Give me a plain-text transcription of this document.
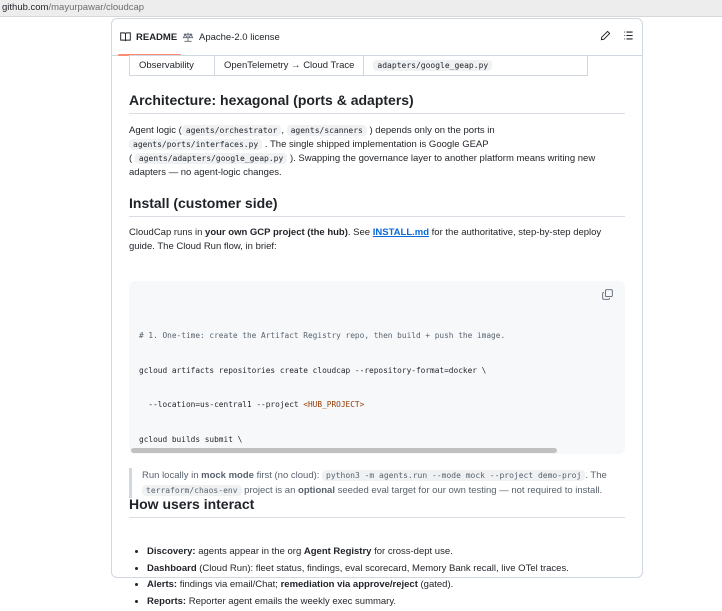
github.com/mayurpawar/cloudcap
README Apache-2.0 license
Observability	OpenTelemetry → Cloud Trace	adapters/google_geap.py
Architecture: hexagonal (ports & adapters)

Agent logic ( agents/orchestrator , agents/scanners ) depends only on the ports in
agents/ports/interfaces.py . The single shipped implementation is Google GEAP
( agents/adapters/google_geap.py ). Swapping the governance layer to another platform means writing new
adapters — no agent-logic changes.

Install (customer side)

CloudCap runs in your own GCP project (the hub). See INSTALL.md for the authoritative, step-by-step deploy
guide. The Cloud Run flow, in brief:

# 1. One-time: create the Artifact Registry repo, then build + push the image.

gcloud artifacts repositories create cloudcap --repository-format=docker \

--location=us-central1 --project <HUB_PROJECT>

gcloud builds submit \

Run locally in mock mode first (no cloud): python3 -m agents.run --mode mock --project demo-proj . The
terraform/chaos-env project is an optional seeded eval target for our own testing — not required to install.
How users interact
• Discovery: agents appear in the org Agent Registry for cross-dept use.
• Dashboard (Cloud Run): fleet status, findings, eval scorecard, Memory Bank recall, live OTel traces.
• Alerts: findings via email/Chat; remediation via approve/reject (gated).
• Reports: Reporter agent emails the weekly exec summary.
